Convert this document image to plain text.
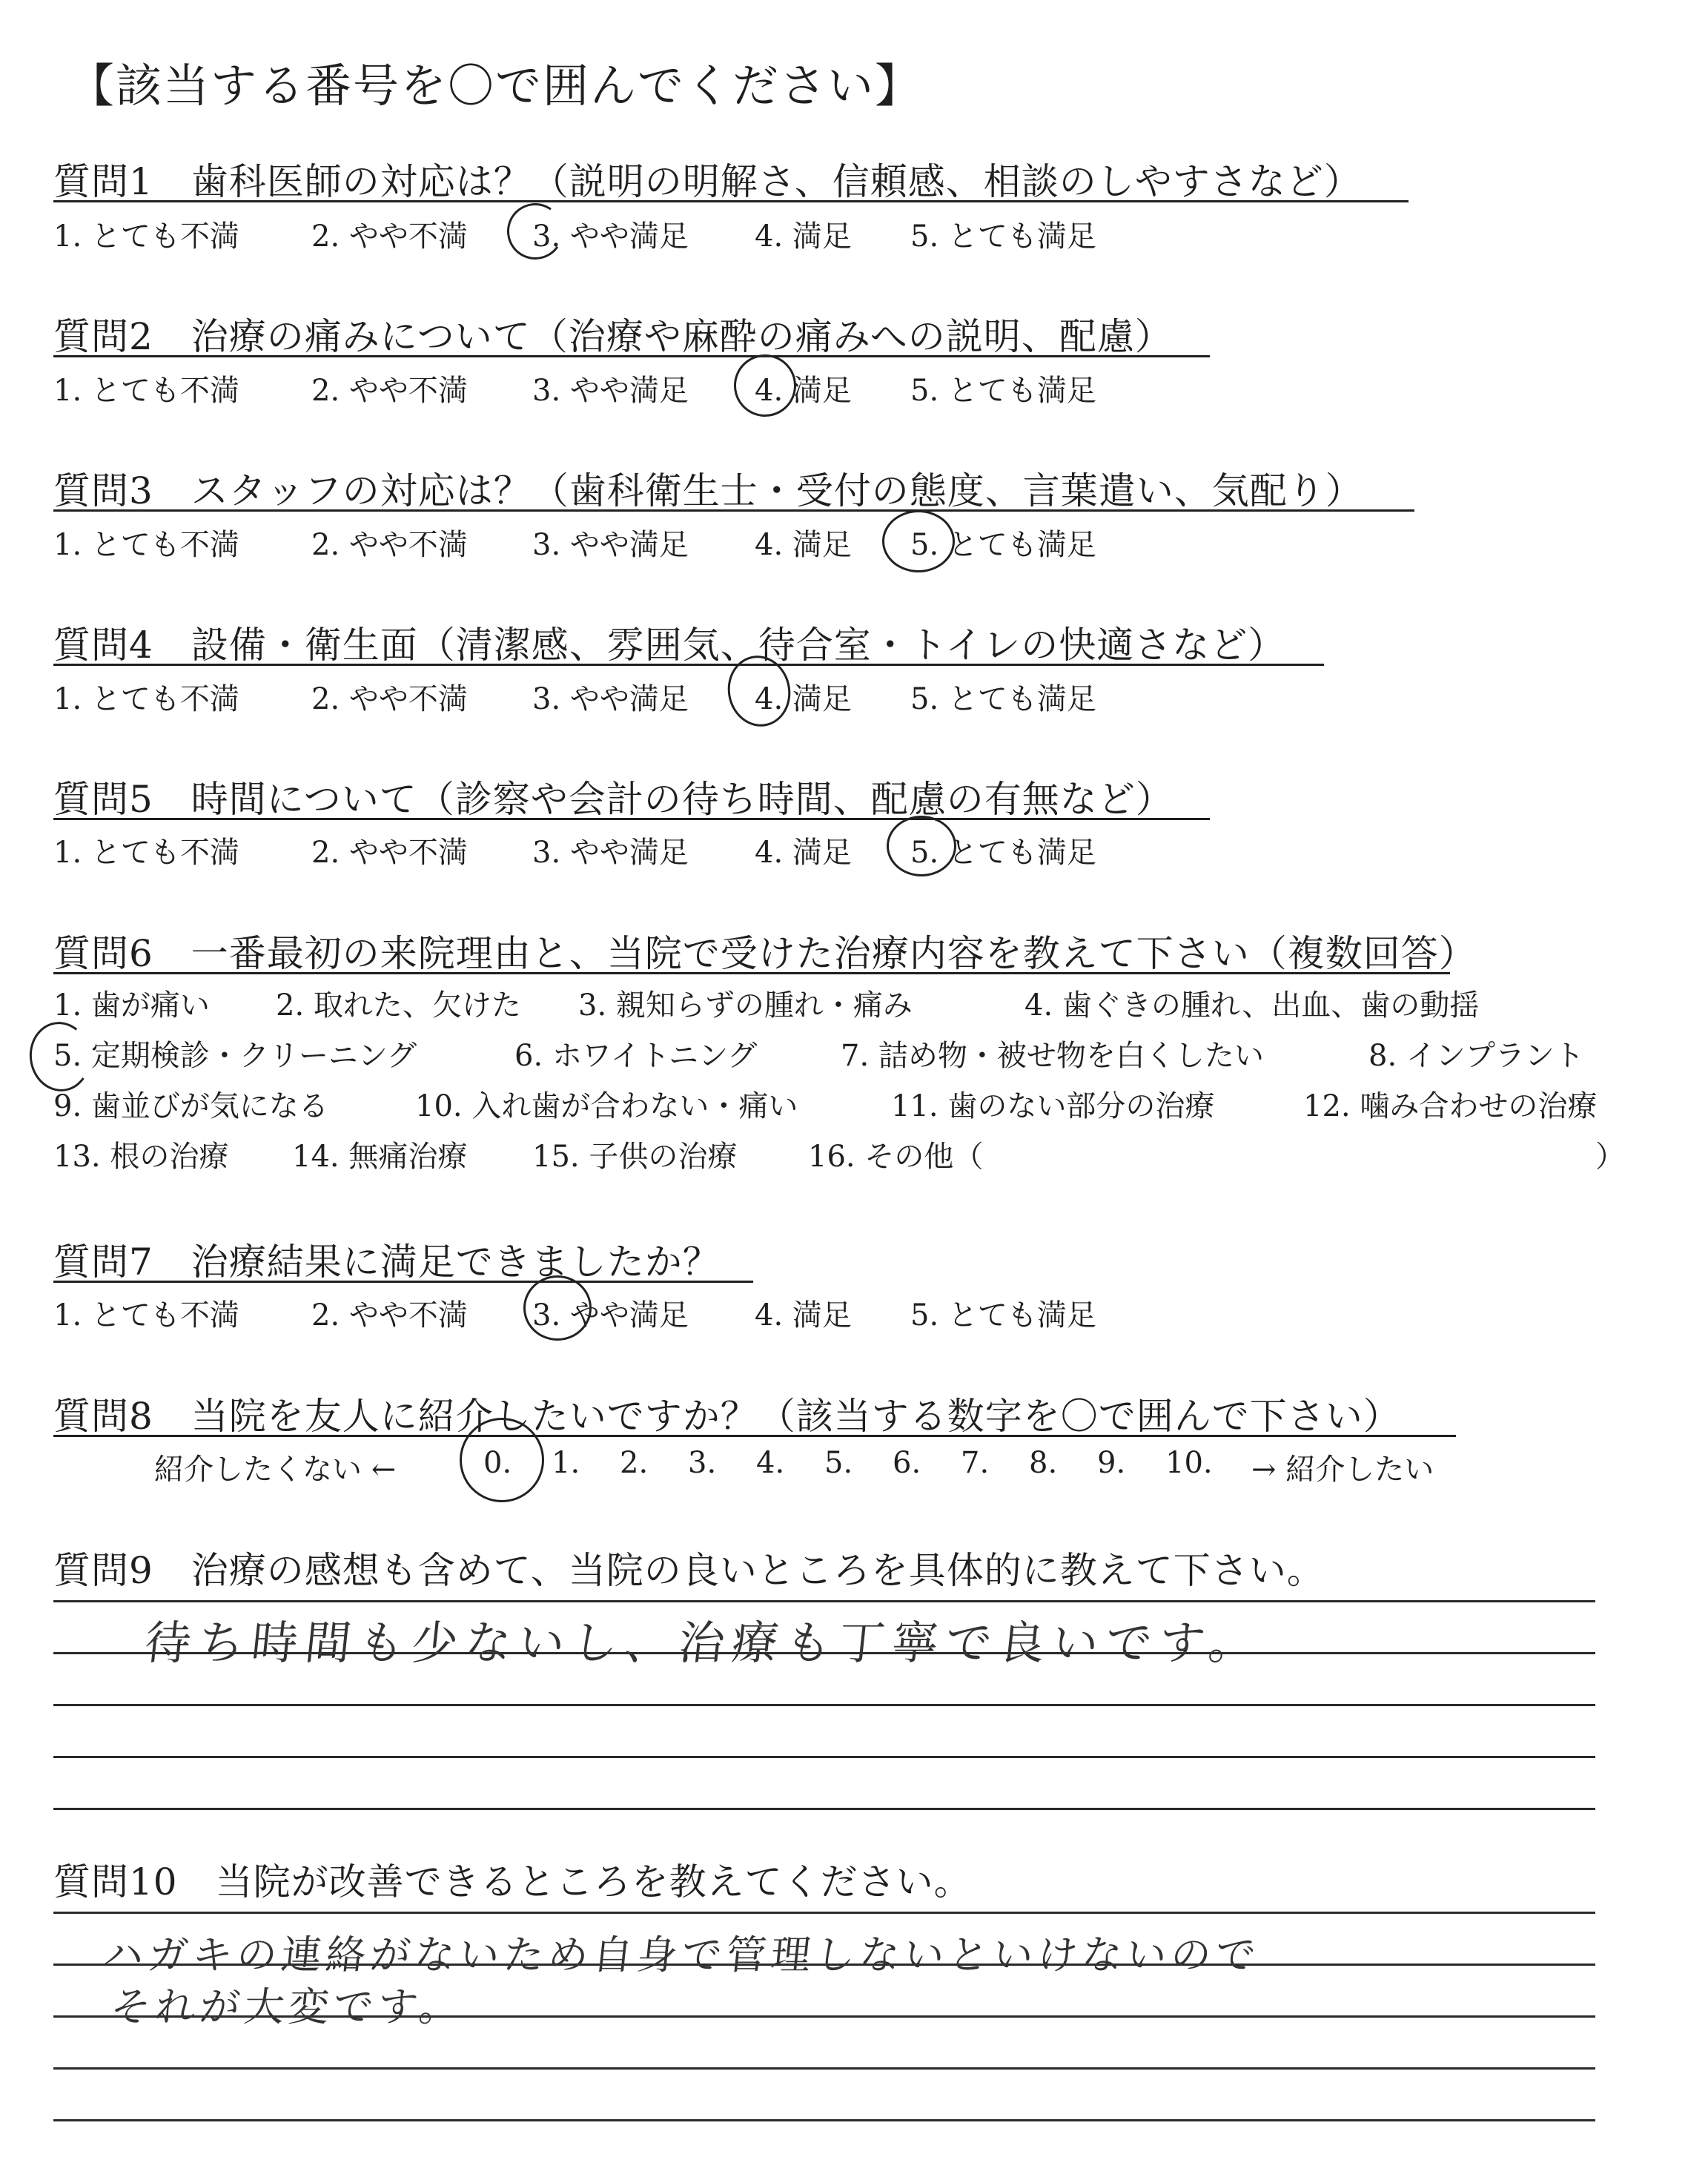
【該当する番号を〇で囲んでください】
質問1　歯科医師の対応は？（説明の明解さ、信頼感、相談のしやすさなど）
1. とても不満 2. やや不満 3. やや満足 4. 満足 5. とても満足
質問2　治療の痛みについて（治療や麻酔の痛みへの説明、配慮）
1. とても不満 2. やや不満 3. やや満足 4. 満足 5. とても満足
質問3　スタッフの対応は？（歯科衛生士・受付の態度、言葉遣い、気配り）
1. とても不満 2. やや不満 3. やや満足 4. 満足 5. とても満足
質問4　設備・衛生面（清潔感、雰囲気、待合室・トイレの快適さなど）
1. とても不満 2. やや不満 3. やや満足 4. 満足 5. とても満足
質問5　時間について（診察や会計の待ち時間、配慮の有無など）
1. とても不満 2. やや不満 3. やや満足 4. 満足 5. とても満足
質問6　一番最初の来院理由と、当院で受けた治療内容を教えて下さい（複数回答）
1. 歯が痛い 2. 取れた、欠けた 3. 親知らずの腫れ・痛み	4. 歯ぐきの腫れ、出血、歯の動揺
5. 定期検診・クリーニング	6. ホワイトニング	7. 詰め物・被せ物を白くしたい	8. インプラント
9. 歯並びが気になる	10. 入れ歯が合わない・痛い	11. 歯のない部分の治療	12. 噛み合わせの治療
13. 根の治療 14. 無痛治療 15. 子供の治療 16. その他（	）
質問7　治療結果に満足できましたか？
1. とても不満 2. やや不満 3. やや満足 4. 満足 5. とても満足
質問8　当院を友人に紹介したいですか？（該当する数字を〇で囲んで下さい）
紹介したくない ←	0. 1. 2. 3. 4. 5. 6. 7. 8. 9. 10. → 紹介したい
質問9　治療の感想も含めて、当院の良いところを具体的に教えて下さい。
待ち時間も少ないし、治療も丁寧で良いです。
質問10　当院が改善できるところを教えてください。
ハガキの連絡がないため自身で管理しないといけないので
それが大変です。
